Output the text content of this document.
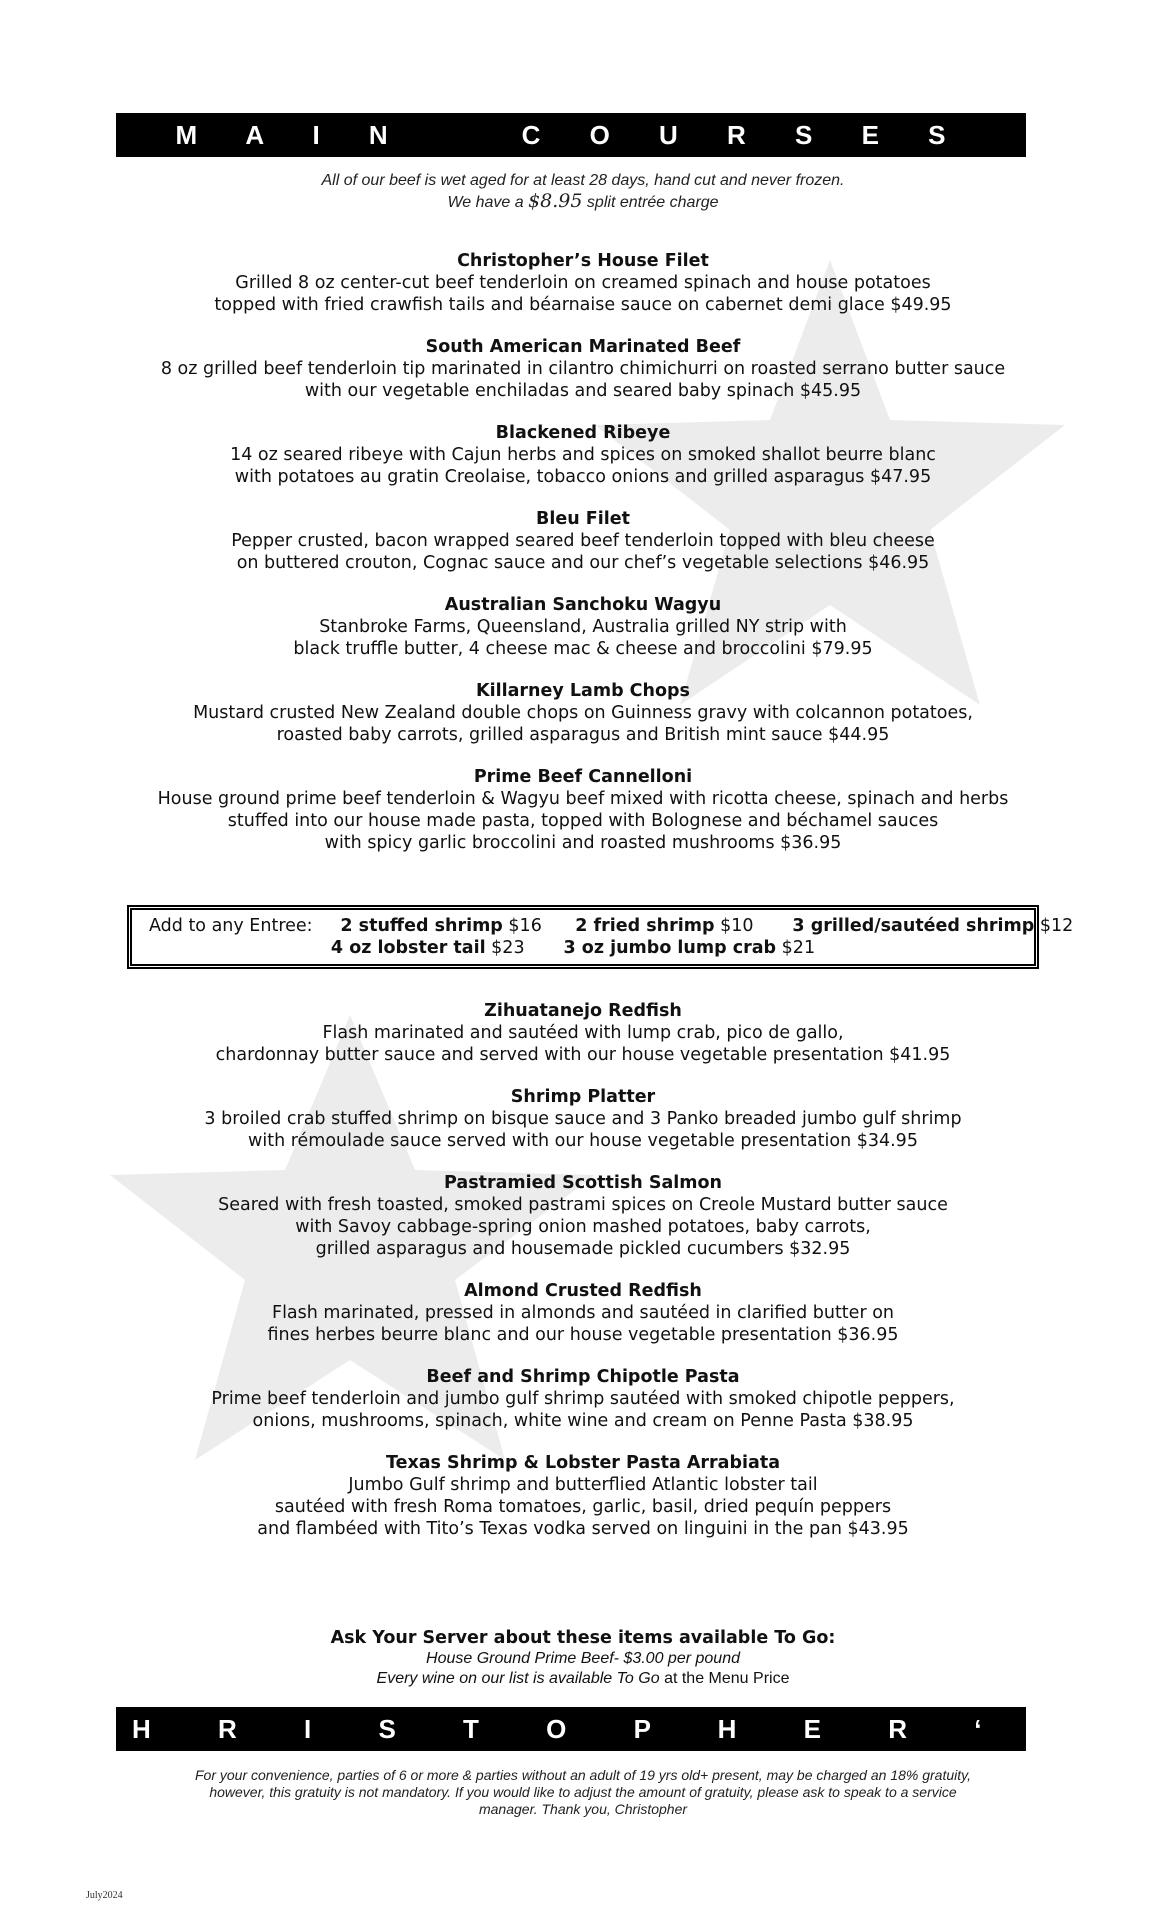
M A I N    C O U R S E S
All of our beef is wet aged for at least 28 days, hand cut and never frozen.
We have a $8.95 split entrée charge
Christopher’s House Filet
Grilled 8 oz center-cut beef tenderloin on creamed spinach and house potatoes
topped with fried crawfish tails and béarnaise sauce on cabernet demi glace $49.95
South American Marinated Beef
8 oz grilled beef tenderloin tip marinated in cilantro chimichurri on roasted serrano butter sauce
with our vegetable enchiladas and seared baby spinach $45.95
Blackened Ribeye
14 oz seared ribeye with Cajun herbs and spices on smoked shallot beurre blanc
with potatoes au gratin Creolaise, tobacco onions and grilled asparagus $47.95
Bleu Filet
Pepper crusted, bacon wrapped seared beef tenderloin topped with bleu cheese
on buttered crouton, Cognac sauce and our chef’s vegetable selections $46.95
Australian Sanchoku Wagyu
Stanbroke Farms, Queensland, Australia grilled NY strip with
black truffle butter, 4 cheese mac & cheese and broccolini $79.95
Killarney Lamb Chops
Mustard crusted New Zealand double chops on Guinness gravy with colcannon potatoes,
roasted baby carrots, grilled asparagus and British mint sauce $44.95
Prime Beef Cannelloni
House ground prime beef tenderloin & Wagyu beef mixed with ricotta cheese, spinach and herbs
stuffed into our house made pasta, topped with Bolognese and béchamel sauces
with spicy garlic broccolini and roasted mushrooms $36.95
Add to any Entree: 2 stuffed shrimp $16 2 fried shrimp $10 3 grilled/sautéed shrimp $12
4 oz lobster tail $23 3 oz jumbo lump crab $21
Zihuatanejo Redfish
Flash marinated and sautéed with lump crab, pico de gallo,
chardonnay butter sauce and served with our house vegetable presentation $41.95
Shrimp Platter
3 broiled crab stuffed shrimp on bisque sauce and 3 Panko breaded jumbo gulf shrimp
with rémoulade sauce served with our house vegetable presentation $34.95
Pastramied Scottish Salmon
Seared with fresh toasted, smoked pastrami spices on Creole Mustard butter sauce
with Savoy cabbage-spring onion mashed potatoes, baby carrots,
grilled asparagus and housemade pickled cucumbers $32.95
Almond Crusted Redfish
Flash marinated, pressed in almonds and sautéed in clarified butter on
fines herbes beurre blanc and our house vegetable presentation $36.95
Beef and Shrimp Chipotle Pasta
Prime beef tenderloin and jumbo gulf shrimp sautéed with smoked chipotle peppers,
onions, mushrooms, spinach, white wine and cream on Penne Pasta $38.95
Texas Shrimp & Lobster Pasta Arrabiata
Jumbo Gulf shrimp and butterflied Atlantic lobster tail
sautéed with fresh Roma tomatoes, garlic, basil, dried pequín peppers
and flambéed with Tito’s Texas vodka served on linguini in the pan $43.95
Ask Your Server about these items available To Go:
House Ground Prime Beef- $3.00 per pound
Every wine on our list is available To Go at the Menu Price
C H R I S T O P H E R ‘ S
For your convenience, parties of 6 or more & parties without an adult of 19 yrs old+ present, may be charged an 18% gratuity,
however, this gratuity is not mandatory. If you would like to adjust the amount of gratuity, please ask to speak to a service
manager. Thank you, Christopher
July2024
